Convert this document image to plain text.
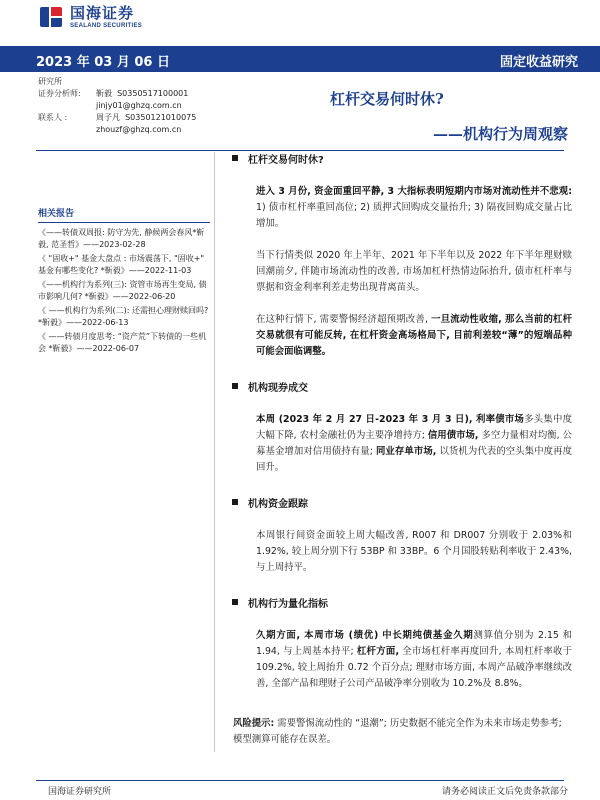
国海证券
SEALAND SECURITIES
2023 年 03 月 06 日	固定收益研究
研究所
证券分析师:	靳毅 S0350517100001
jinjy01@ghzq.com.cn
联系人 :	周子凡 S0350121010075
zhouzf@ghzq.com.cn
杠杆交易何时休?
——机构行为周观察
相关报告
《——转债双周报: 防守为先, 静候两会春风*靳毅, 范圣哲》——2023-02-28
《 "固收+" 基金大盘点 : 市场震荡下, "固收+" 基金有哪些变化? *靳毅》——2022-11-03
《——机构行为系列(三): 资管市场再生变局, 债市影响几何? *靳毅》——2022-06-20
《 ——机构行为系列(二): 还需担心理财赎回吗? *靳毅》——2022-06-13
《 ——转债月度思考: “资产荒”下转债的一些机会 *靳毅》——2022-06-07
杠杆交易何时休?

进入 3 月份, 资金面重回平静, 3 大指标表明短期内市场对流动性并不悲观: 1) 债市杠杆率重回高位; 2) 质押式回购成交量抬升; 3) 隔夜回购成交量占比增加。

当下行情类似 2020 年上半年、2021 年下半年以及 2022 年下半年理财赎回潮前夕, 伴随市场流动性的改善, 市场加杠杆热情边际抬升, 债市杠杆率与票据和资金利率利差走势出现背离苗头。

在这种行情下, 需要警惕经济超预期改善, 一旦流动性收缩, 那么当前的杠杆交易就很有可能反转, 在杠杆资金高场格局下, 目前利差较“薄”的短端品种可能会面临调整。

机构现券成交

本周 (2023 年 2 月 27 日-2023 年 3 月 3 日), 利率债市场多头集中度大幅下降, 农村金融社仍为主要净增持方; 信用债市场, 多空力量相对均衡, 公募基金增加对信用债持有量; 同业存单市场, 以货机为代表的空头集中度再度回升。

机构资金跟踪

本周银行间资金面较上周大幅改善, R007 和 DR007 分别收于 2.03%和 1.92%, 较上周分别下行 53BP 和 33BP。6 个月国股转贴利率收于 2.43%, 与上周持平。

机构行为量化指标

久期方面, 本周市场 (绩优) 中长期纯债基金久期测算值分别为 2.15 和 1.94, 与上周基本持平; 杠杆方面, 全市场杠杆率再度回升, 本周杠杆率收于 109.2%, 较上周抬升 0.72 个百分点; 理财市场方面, 本周产品破净率继续改善, 全部产品和理财子公司产品破净率分别收为 10.2%及 8.8%。

风险提示: 需要警惕流动性的 “退潮”; 历史数据不能完全作为未来市场走势参考; 模型测算可能存在误差。
国海证券研究所	请务必阅读正文后免责条款部分
